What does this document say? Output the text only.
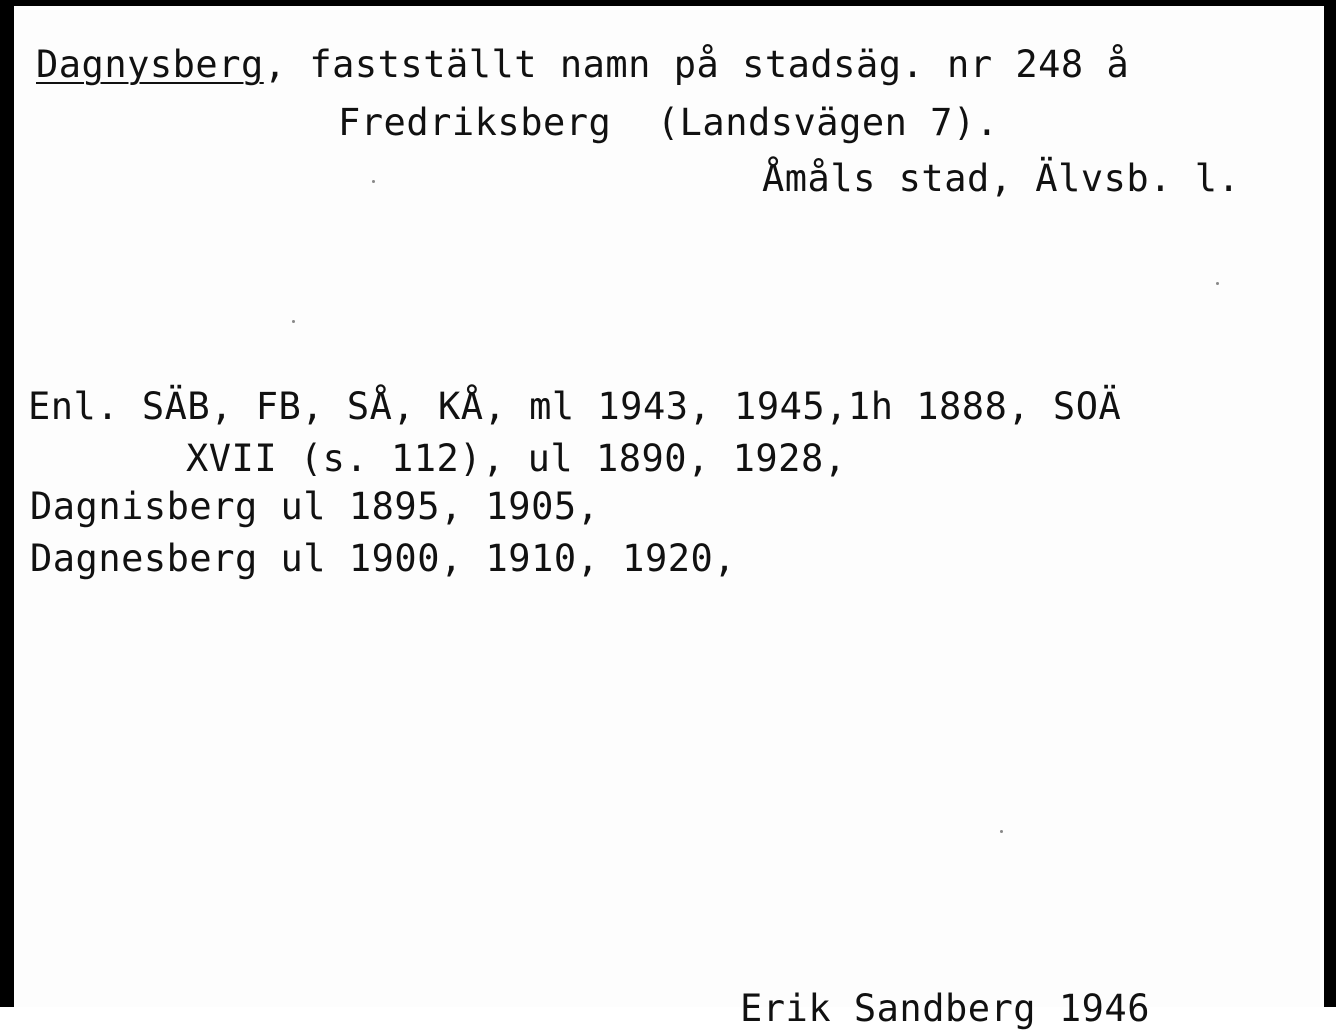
Dagnysberg, fastställt namn på stadsäg. nr 248 å
Fredriksberg  (Landsvägen 7).
Åmåls stad, Älvsb. l.
Enl. SÄB, FB, SÅ, KÅ, ml 1943, 1945,1h 1888, SOÄ
XVII (s. 112), ul 1890, 1928,
Dagnisberg ul 1895, 1905,
Dagnesberg ul 1900, 1910, 1920,
Erik Sandberg 1946
